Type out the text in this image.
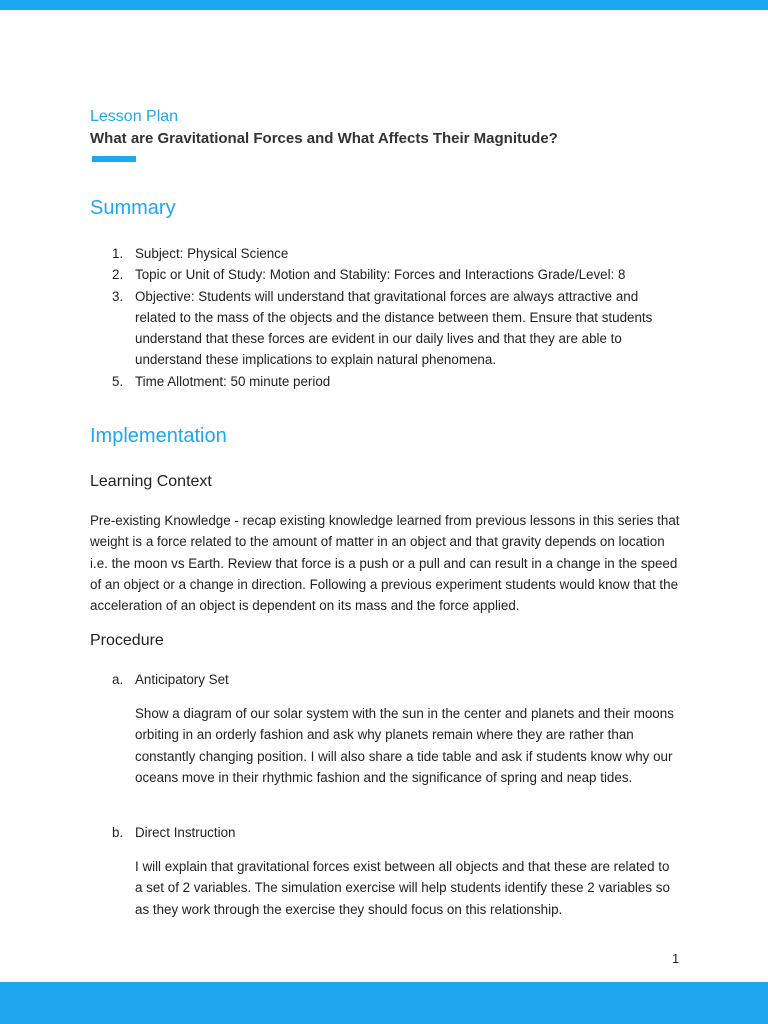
Lesson Plan
What are Gravitational Forces and What Affects Their Magnitude?
Summary
1. Subject: Physical Science
2. Topic or Unit of Study: Motion and Stability: Forces and Interactions Grade/Level: 8
3. Objective: Students will understand that gravitational forces are always attractive and related to the mass of the objects and the distance between them. Ensure that students understand that these forces are evident in our daily lives and that they are able to understand these implications to explain natural phenomena.
5. Time Allotment: 50 minute period
Implementation
Learning Context

Pre-existing Knowledge - recap existing knowledge learned from previous lessons in this series that weight is a force related to the amount of matter in an object and that gravity depends on location i.e. the moon vs Earth. Review that force is a push or a pull and can result in a change in the speed of an object or a change in direction. Following a previous experiment students would know that the acceleration of an object is dependent on its mass and the force applied.

Procedure
a. Anticipatory Set

Show a diagram of our solar system with the sun in the center and planets and their moons orbiting in an orderly fashion and ask why planets remain where they are rather than constantly changing position. I will also share a tide table and ask if students know why our oceans move in their rhythmic fashion and the significance of spring and neap tides.

b. Direct Instruction

I will explain that gravitational forces exist between all objects and that these are related to a set of 2 variables. The simulation exercise will help students identify these 2 variables so as they work through the exercise they should focus on this relationship.

1
